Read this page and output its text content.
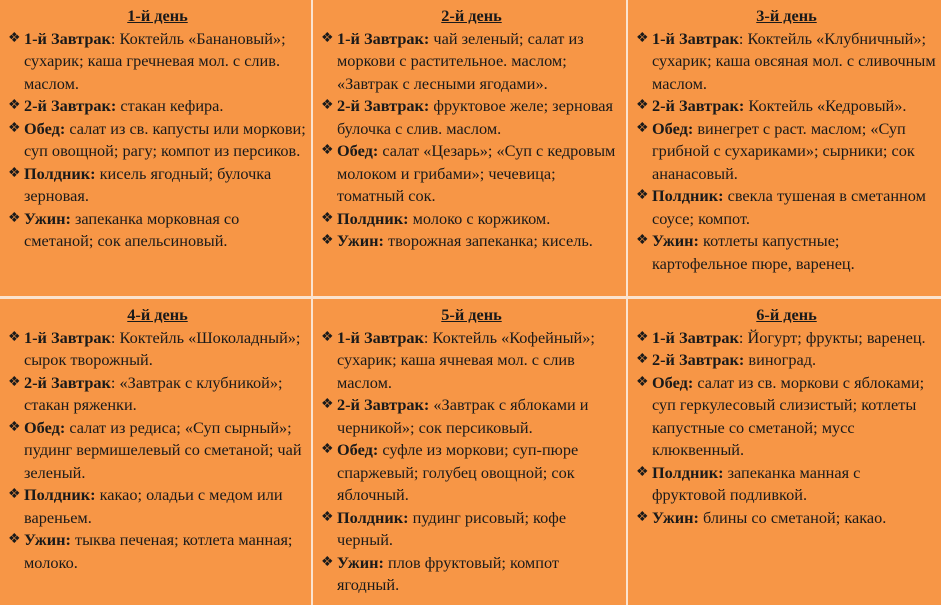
1-й день
❖ 1-й Завтрак: Коктейль «Банановый»; сухарик; каша гречневая мол. с слив. маслом.
❖ 2-й Завтрак: стакан кефира.
❖ Обед: салат из св. капусты или моркови; суп овощной; рагу; компот из персиков.
❖ Полдник: кисель ягодный; булочка зерновая.
❖ Ужин: запеканка морковная со сметаной; сок апельсиновый.
2-й день
❖ 1-й Завтрак: чай зеленый; салат из моркови с растительное. маслом; «Завтрак с лесными ягодами».
❖ 2-й Завтрак: фруктовое желе; зерновая булочка с слив. маслом.
❖ Обед: салат «Цезарь»; «Суп с кедровым молоком и грибами»; чечевица; томатный сок.
❖ Полдник: молоко с коржиком.
❖ Ужин: творожная запеканка; кисель.
3-й день
❖ 1-й Завтрак: Коктейль «Клубничный»; сухарик; каша овсяная мол. с сливочным маслом.
❖ 2-й Завтрак: Коктейль «Кедровый».
❖ Обед: винегрет с раст. маслом; «Суп грибной с сухариками»; сырники; сок ананасовый.
❖ Полдник: свекла тушеная в сметанном соусе; компот.
❖ Ужин: котлеты капустные; картофельное пюре, варенец.
4-й день
❖ 1-й Завтрак: Коктейль «Шоколадный»; сырок творожный.
❖ 2-й Завтрак: «Завтрак с клубникой»; стакан ряженки.
❖ Обед: салат из редиса; «Суп сырный»; пудинг вермишелевый со сметаной; чай зеленый.
❖ Полдник: какао; оладьи с медом или вареньем.
❖ Ужин: тыква печеная; котлета манная; молоко.
5-й день
❖ 1-й Завтрак: Коктейль «Кофейный»; сухарик; каша ячневая мол. с слив маслом.
❖ 2-й Завтрак: «Завтрак с яблоками и черникой»; сок персиковый.
❖ Обед: суфле из моркови; суп-пюре спаржевый; голубец овощной; сок яблочный.
❖ Полдник: пудинг рисовый; кофе черный.
❖ Ужин: плов фруктовый; компот ягодный.
6-й день
❖ 1-й Завтрак: Йогурт; фрукты; варенец.
❖ 2-й Завтрак: виноград.
❖ Обед: салат из св. моркови с яблоками; суп геркулесовый слизистый; котлеты капустные со сметаной; мусс клюквенный.
❖ Полдник: запеканка манная с фруктовой подливкой.
❖ Ужин: блины со сметаной; какао.
